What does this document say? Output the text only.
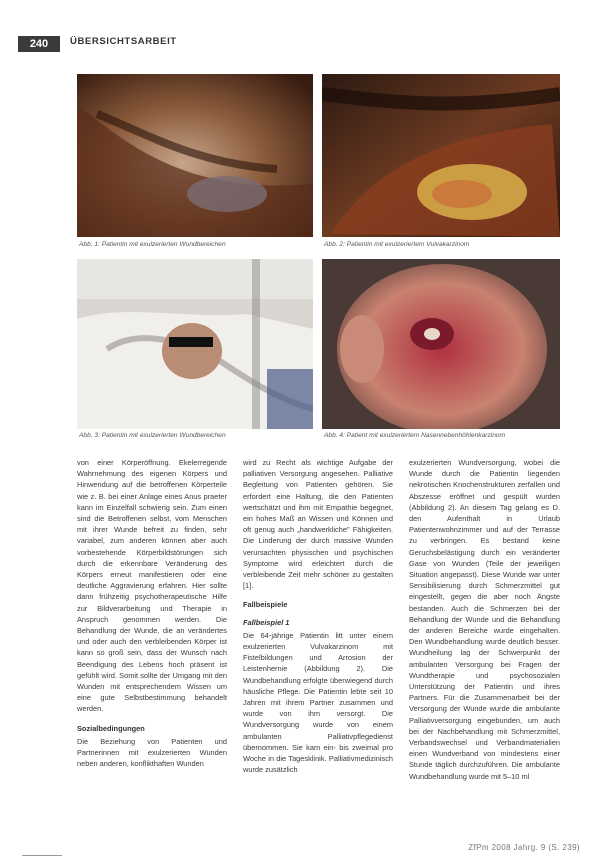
240	ÜBERSICHTSARBEIT
Abb. 1: Patientin mit exulzerierten Wundbereichen	Abb. 2: Patientin mit exulzeriertem Vulvakarzinom
Abb. 3: Patientin mit exulzerierten Wundbereichen	Abb. 4: Patient mit exulzeriertem Nasennebenhöhlenkarzinom

von einer Körperöffnung. Ekelerregende Wahrnehmung des eigenen Körpers und Hinwendung auf die betroffenen Körperteile wie z. B. bei einer Anlage eines Anus praeter kann im Einzelfall schwierig sein. Zum einen sind die Betroffenen selbst, vom Menschen mit ihrer Wunde befreit zu finden, sehr variabel, zum anderen können aber auch vorbestehende Körperbildstörungen sich durch die erkennbare Veränderung des Körpers erneut manifestieren oder eine deutliche Aggravierung erfahren. Hier sollte dann frühzeitig psychotherapeutische Hilfe zur Bildverarbeitung und Therapie in Anspruch genommen werden. Die Behandlung der Wunde, die an verändertes und oder auch den verbleibenden Körper ist kann so groß sein, dass der Wunsch nach Beendigung des Lebens hoch präsent ist gefühlt wird. Somit sollte der Umgang mit den Wunden mit entsprechendem Wissen um eine gute Selbstbestimmung behandelt werden.

Sozialbedingungen

Die Beziehung von Patienten und Partnerinnen mit exulzerierten Wunden neben anderen, konflikthaften Wunden

wird zu Recht als wichtige Aufgabe der palliativen Versorgung angesehen. Palliative Begleitung von Patienten gehören. Sie erfordert eine Haltung, die den Patienten wertschätzt und ihm mit Empathie begegnet, ein hohes Maß an Wissen und Können und oft genug auch „handwerkliche" Fähigkeiten. Die Linderung der durch massive Wunden verursachten physischen und psychischen Symptome wird erleichtert durch die verbleibende Zeit mehr schöner zu gestalten [1].

Fallbeispiele
Fallbeispiel 1

Die 64-jährige Patientin litt unter einem exulzerierten Vulvakarzinom mit Fistelbildungen und Arrosion der Leistenhernie (Abbildung 2). Die Wundbehandlung erfolgte überwiegend durch häusliche Pflege. Die Patientin lebte seit 10 Jahren mit ihrem Partner zusammen und wurde von ihm versorgt. Die Wundversorgung wurde von einem ambulanten Palliativpflegedienst übernommen. Sie kam ein- bis zweimal pro Woche in die Tagesklinik. Palliativmedizinisch wurde zusätzlich

exulzerierten Wundversorgung, wobei die Wunde durch die Patientin liegenden nekrotischen Knochenstrukturen zerfallen und Abszesse eröffnet und gespült wurden (Abbildung 2). An diesem Tag gelang es D. den Aufenthalt in Urlaub Patientenwohnzimmer und auf der Terrasse zu verbringen. Es bestand keine Geruchsbelästigung durch ein veränderter Gase von Wunden (Teile der jeweiligen Situation angepasst). Diese Wunde war unter Sensibilisierung durch Schmerzmittel gut eingestellt, gegen die aber noch Ängste bestanden. Auch die Schmerzen bei der Behandlung der Wunde und die Behandlung der anderen Bereiche wurde eingehalten. Den Wundbehandlung wurde deutlich besser. Wundheilung lag der Schwerpunkt der ambulanten Versorgung bei Fragen der Wundtherapie und psychosozialen Unterstützung der Patientin und ihres Partners. Für die Zusammenarbeit bei der Versorgung der Wunde wurde die ambulante Palliativversorgung eingebunden, um auch bei der Nachbehandlung mit Schmerzmittel, Verbandswechsel und Verbandmaterialien einen Wundverband von mindestens einer Stunde täglich durchzuführen. Die ambulante Wundbehandlung wurde mit 5–10 ml

ZfPm 2008 Jahrg. 9 (S. 239)
